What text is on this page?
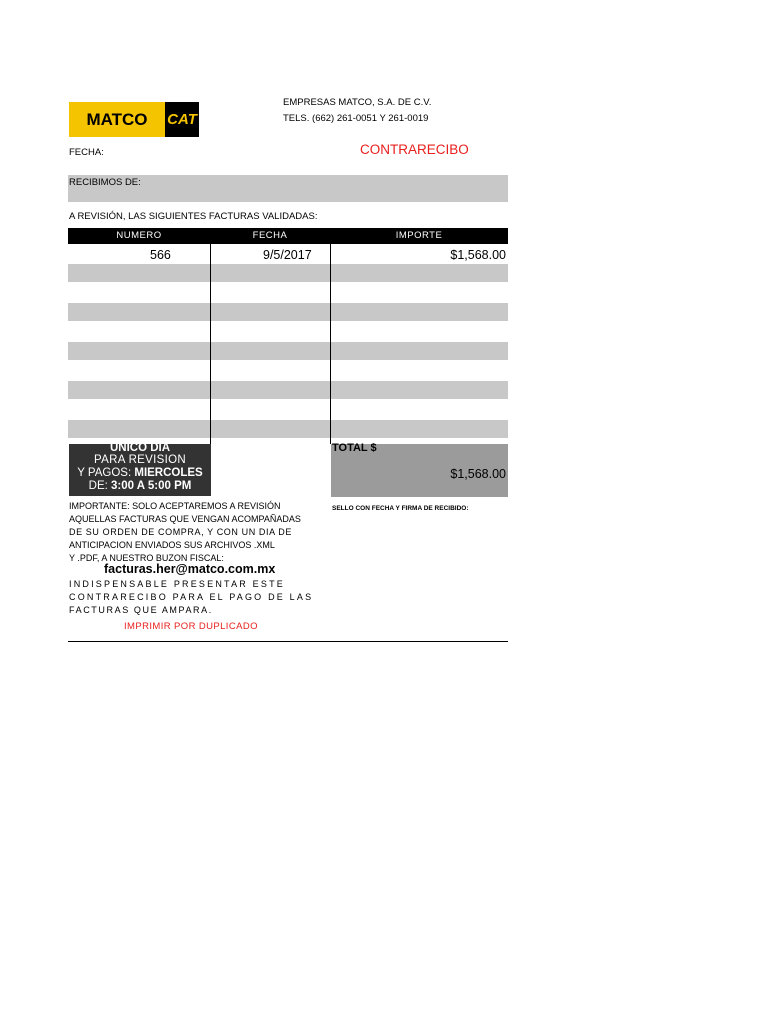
MATCO	CAT
EMPRESAS MATCO, S.A. DE C.V.
TELS. (662) 261-0051 Y 261-0019
CONTRARECIBO
FECHA:
RECIBIMOS DE:
A REVISIÓN, LAS SIGUIENTES FACTURAS VALIDADAS:
NUMERO	FECHA	IMPORTE
566	9/5/2017	$1,568.00
UNICO DIA
PARA REVISION
Y PAGOS: MIERCOLES
DE: 3:00 A 5:00 PM
TOTAL $
$1,568.00
SELLO CON FECHA Y FIRMA DE RECIBIDO:
IMPORTANTE: SOLO ACEPTAREMOS A REVISIÓN
AQUELLAS FACTURAS QUE VENGAN ACOMPAÑADAS
DE SU ORDEN DE COMPRA, Y CON UN DIA DE
ANTICIPACION ENVIADOS SUS ARCHIVOS .XML
Y .PDF, A NUESTRO BUZON FISCAL:
facturas.her@matco.com.mx
INDISPENSABLE PRESENTAR ESTE
CONTRARECIBO PARA EL PAGO DE LAS
FACTURAS QUE AMPARA.
IMPRIMIR POR DUPLICADO
